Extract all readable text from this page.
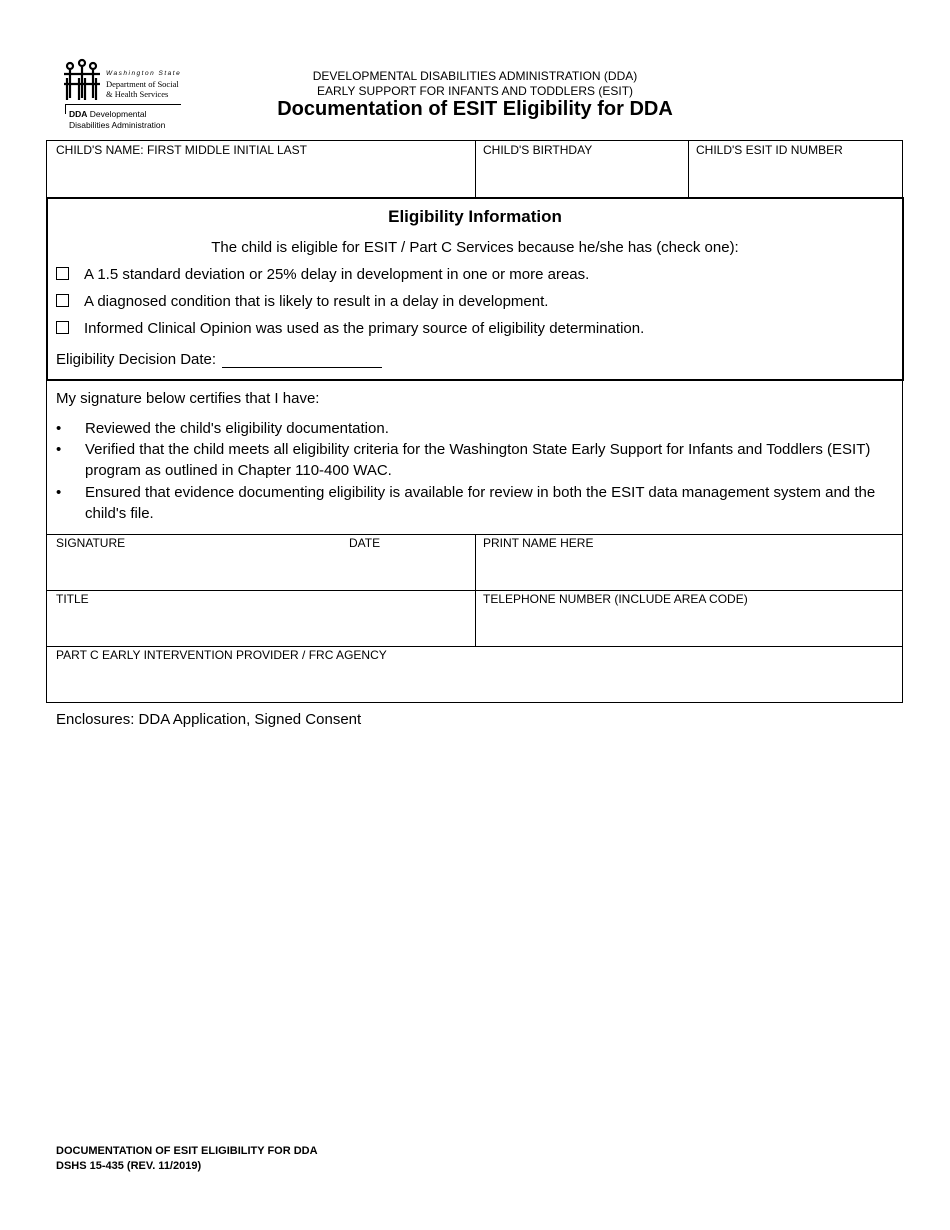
Washington State
Department of Social
& Health Services
DDA Developmental
Disabilities Administration
DEVELOPMENTAL DISABILITIES ADMINISTRATION (DDA)
EARLY SUPPORT FOR INFANTS AND TODDLERS (ESIT)
Documentation of ESIT Eligibility for DDA
CHILD'S NAME: FIRST MIDDLE INITIAL LAST	CHILD'S BIRTHDAY	CHILD'S ESIT ID NUMBER
Eligibility Information
The child is eligible for ESIT / Part C Services because he/she has (check one):
A 1.5 standard deviation or 25% delay in development in one or more areas.
A diagnosed condition that is likely to result in a delay in development.
Informed Clinical Opinion was used as the primary source of eligibility determination.
Eligibility Decision Date:
My signature below certifies that I have:
• Reviewed the child's eligibility documentation.
• Verified that the child meets all eligibility criteria for the Washington State Early Support for Infants and Toddlers (ESIT) program as outlined in Chapter 110-400 WAC.
• Ensured that evidence documenting eligibility is available for review in both the ESIT data management system and the child's file.
SIGNATURE	DATE	PRINT NAME HERE
TITLE	TELEPHONE NUMBER (INCLUDE AREA CODE)
PART C EARLY INTERVENTION PROVIDER / FRC AGENCY
Enclosures: DDA Application, Signed Consent
DOCUMENTATION OF ESIT ELIGIBILITY FOR DDA
DSHS 15-435 (REV. 11/2019)
